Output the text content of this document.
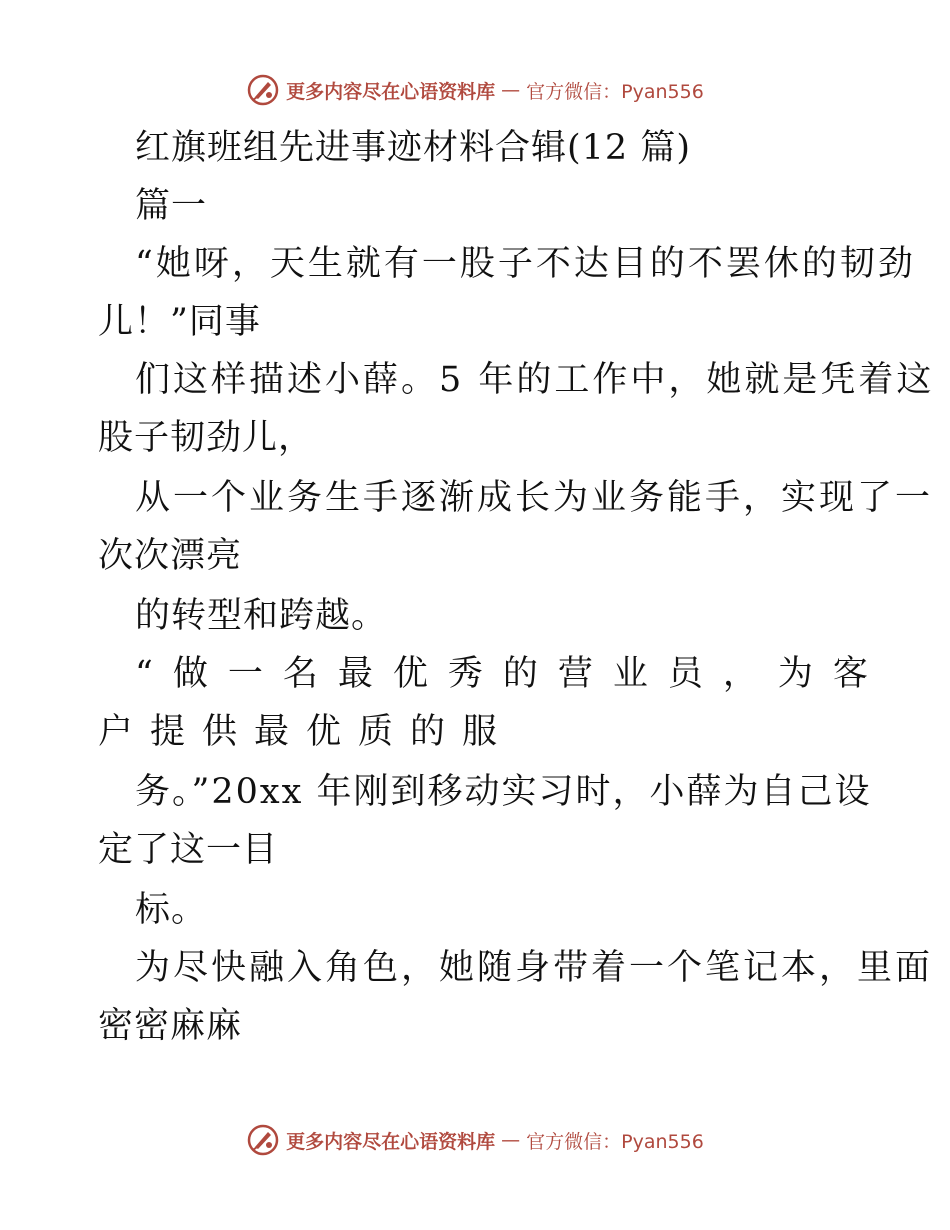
更多内容尽在心语资料库 — 官方微信：Pyan556
红旗班组先进事迹材料合辑(12 篇)
篇一
“她呀，天生就有一股子不达目的不罢休的韧劲
儿！”同事
们这样描述小薛。5 年的工作中，她就是凭着这
股子韧劲儿，
从一个业务生手逐渐成长为业务能手，实现了一
次次漂亮
的转型和跨越。
“做一名最优秀的营业员，为客
户提供最优质的服
务。”20xx 年刚到移动实习时，小薛为自己设
定了这一目
标。
为尽快融入角色，她随身带着一个笔记本，里面
密密麻麻
更多内容尽在心语资料库 — 官方微信：Pyan556
